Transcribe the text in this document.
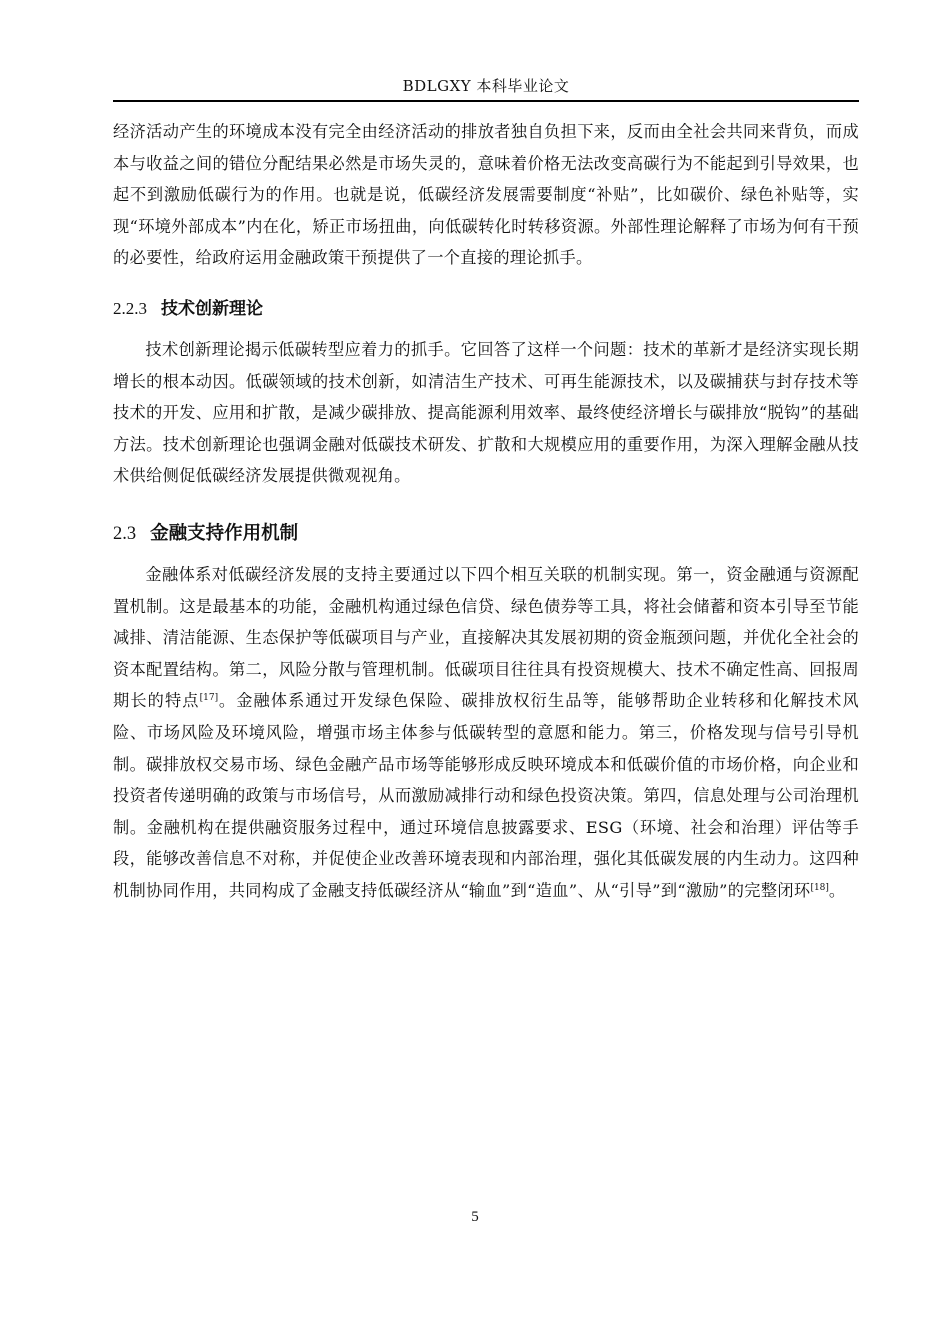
BDLGXY 本科毕业论文

经济活动产生的环境成本没有完全由经济活动的排放者独自负担下来，反而由全社会共同来背负，而成本与收益之间的错位分配结果必然是市场失灵的，意味着价格无法改变高碳行为不能起到引导效果，也起不到激励低碳行为的作用。也就是说，低碳经济发展需要制度“补贴”，比如碳价、绿色补贴等，实现“环境外部成本”内在化，矫正市场扭曲，向低碳转化时转移资源。外部性理论解释了市场为何有干预的必要性，给政府运用金融政策干预提供了一个直接的理论抓手。

2.2.3 技术创新理论

技术创新理论揭示低碳转型应着力的抓手。它回答了这样一个问题：技术的革新才是经济实现长期增长的根本动因。低碳领域的技术创新，如清洁生产技术、可再生能源技术，以及碳捕获与封存技术等技术的开发、应用和扩散，是减少碳排放、提高能源利用效率、最终使经济增长与碳排放“脱钩”的基础方法。技术创新理论也强调金融对低碳技术研发、扩散和大规模应用的重要作用，为深入理解金融从技术供给侧促低碳经济发展提供微观视角。

2.3 金融支持作用机制

金融体系对低碳经济发展的支持主要通过以下四个相互关联的机制实现。第一，资金融通与资源配置机制。这是最基本的功能，金融机构通过绿色信贷、绿色债券等工具，将社会储蓄和资本引导至节能减排、清洁能源、生态保护等低碳项目与产业，直接解决其发展初期的资金瓶颈问题，并优化全社会的资本配置结构。第二，风险分散与管理机制。低碳项目往往具有投资规模大、技术不确定性高、回报周期长的特点[17]。金融体系通过开发绿色保险、碳排放权衍生品等，能够帮助企业转移和化解技术风险、市场风险及环境风险，增强市场主体参与低碳转型的意愿和能力。第三，价格发现与信号引导机制。碳排放权交易市场、绿色金融产品市场等能够形成反映环境成本和低碳价值的市场价格，向企业和投资者传递明确的政策与市场信号，从而激励减排行动和绿色投资决策。第四，信息处理与公司治理机制。金融机构在提供融资服务过程中，通过环境信息披露要求、ESG（环境、社会和治理）评估等手段，能够改善信息不对称，并促使企业改善环境表现和内部治理，强化其低碳发展的内生动力。这四种机制协同作用，共同构成了金融支持低碳经济从“输血”到“造血”、从“引导”到“激励”的完整闭环[18]。

5
